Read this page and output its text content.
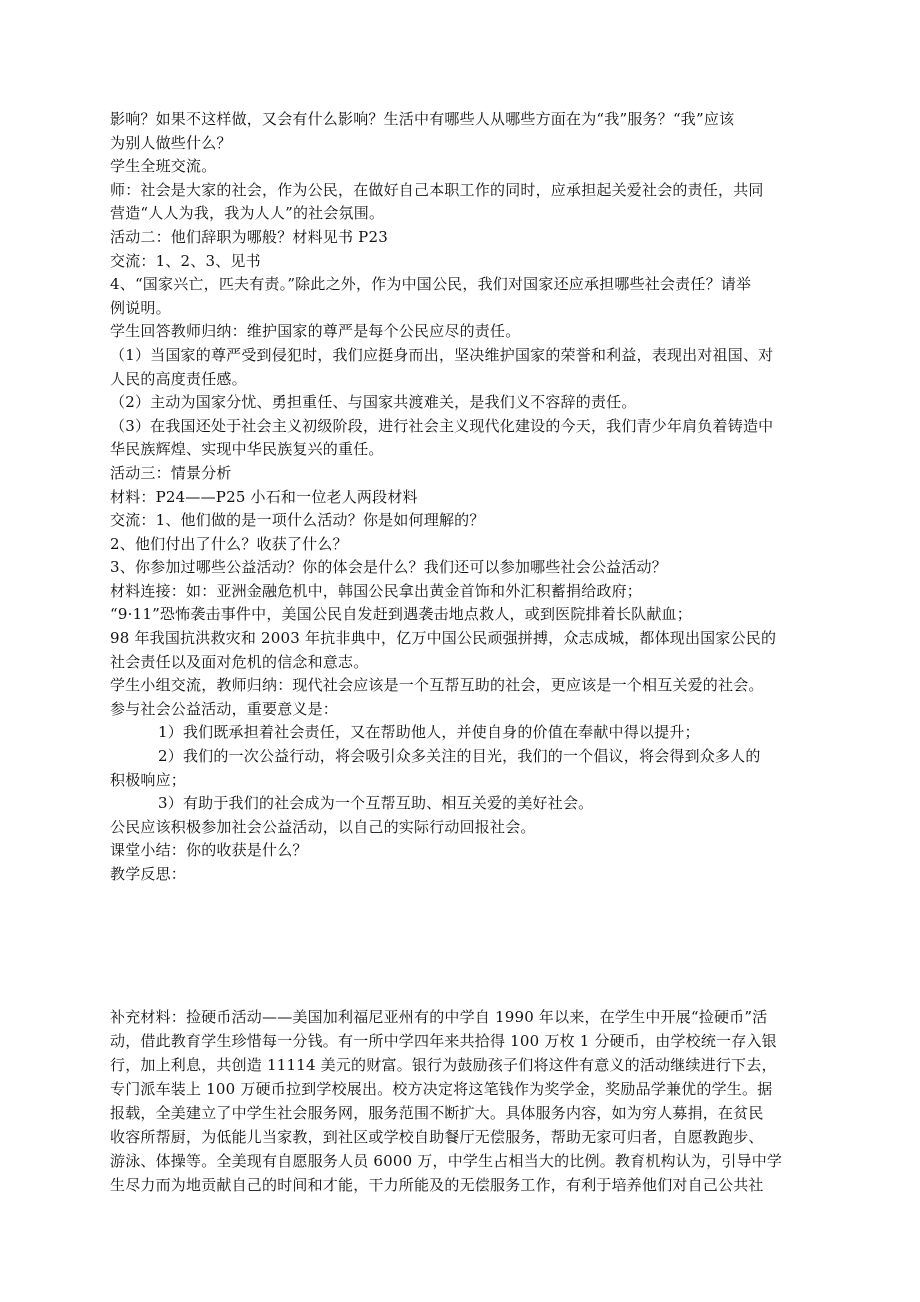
影响？如果不这样做，又会有什么影响？生活中有哪些人从哪些方面在为“我”服务？“我”应该
为别人做些什么？
学生全班交流。
师：社会是大家的社会，作为公民，在做好自己本职工作的同时，应承担起关爱社会的责任，共同
营造“人人为我，我为人人”的社会氛围。
活动二：他们辞职为哪般？材料见书 P23
交流：1、2、3、见书
4、“国家兴亡，匹夫有责。”除此之外，作为中国公民，我们对国家还应承担哪些社会责任？请举
例说明。
学生回答教师归纳：维护国家的尊严是每个公民应尽的责任。
（1）当国家的尊严受到侵犯时，我们应挺身而出，坚决维护国家的荣誉和利益，表现出对祖国、对
人民的高度责任感。
（2）主动为国家分忧、勇担重任、与国家共渡难关，是我们义不容辞的责任。
（3）在我国还处于社会主义初级阶段，进行社会主义现代化建设的今天，我们青少年肩负着铸造中
华民族辉煌、实现中华民族复兴的重任。
活动三：情景分析
材料：P24——P25 小石和一位老人两段材料
交流：1、他们做的是一项什么活动？你是如何理解的？
2、他们付出了什么？收获了什么？
3、你参加过哪些公益活动？你的体会是什么？我们还可以参加哪些社会公益活动？
材料连接：如：亚洲金融危机中，韩国公民拿出黄金首饰和外汇积蓄捐给政府；
“9·11”恐怖袭击事件中，美国公民自发赶到遇袭击地点救人，或到医院排着长队献血；
98 年我国抗洪救灾和 2003 年抗非典中，亿万中国公民顽强拼搏，众志成城，都体现出国家公民的
社会责任以及面对危机的信念和意志。
学生小组交流，教师归纳：现代社会应该是一个互帮互助的社会，更应该是一个相互关爱的社会。
参与社会公益活动，重要意义是：
1）我们既承担着社会责任，又在帮助他人，并使自身的价值在奉献中得以提升；
2）我们的一次公益行动，将会吸引众多关注的目光，我们的一个倡议，将会得到众多人的
积极响应；
3）有助于我们的社会成为一个互帮互助、相互关爱的美好社会。
公民应该积极参加社会公益活动，以自己的实际行动回报社会。
课堂小结：你的收获是什么？
教学反思：
补充材料：捡硬币活动——美国加利福尼亚州有的中学自 1990 年以来，在学生中开展“捡硬币”活
动，借此教育学生珍惜每一分钱。有一所中学四年来共拾得 100 万枚 1 分硬币，由学校统一存入银
行，加上利息，共创造 11114 美元的财富。银行为鼓励孩子们将这件有意义的活动继续进行下去，
专门派车装上 100 万硬币拉到学校展出。校方决定将这笔钱作为奖学金，奖励品学兼优的学生。据
报载，全美建立了中学生社会服务网，服务范围不断扩大。具体服务内容，如为穷人募捐，在贫民
收容所帮厨，为低能儿当家教，到社区或学校自助餐厅无偿服务，帮助无家可归者，自愿教跑步、
游泳、体操等。全美现有自愿服务人员 6000 万，中学生占相当大的比例。教育机构认为，引导中学
生尽力而为地贡献自己的时间和才能，干力所能及的无偿服务工作，有利于培养他们对自己公共社
